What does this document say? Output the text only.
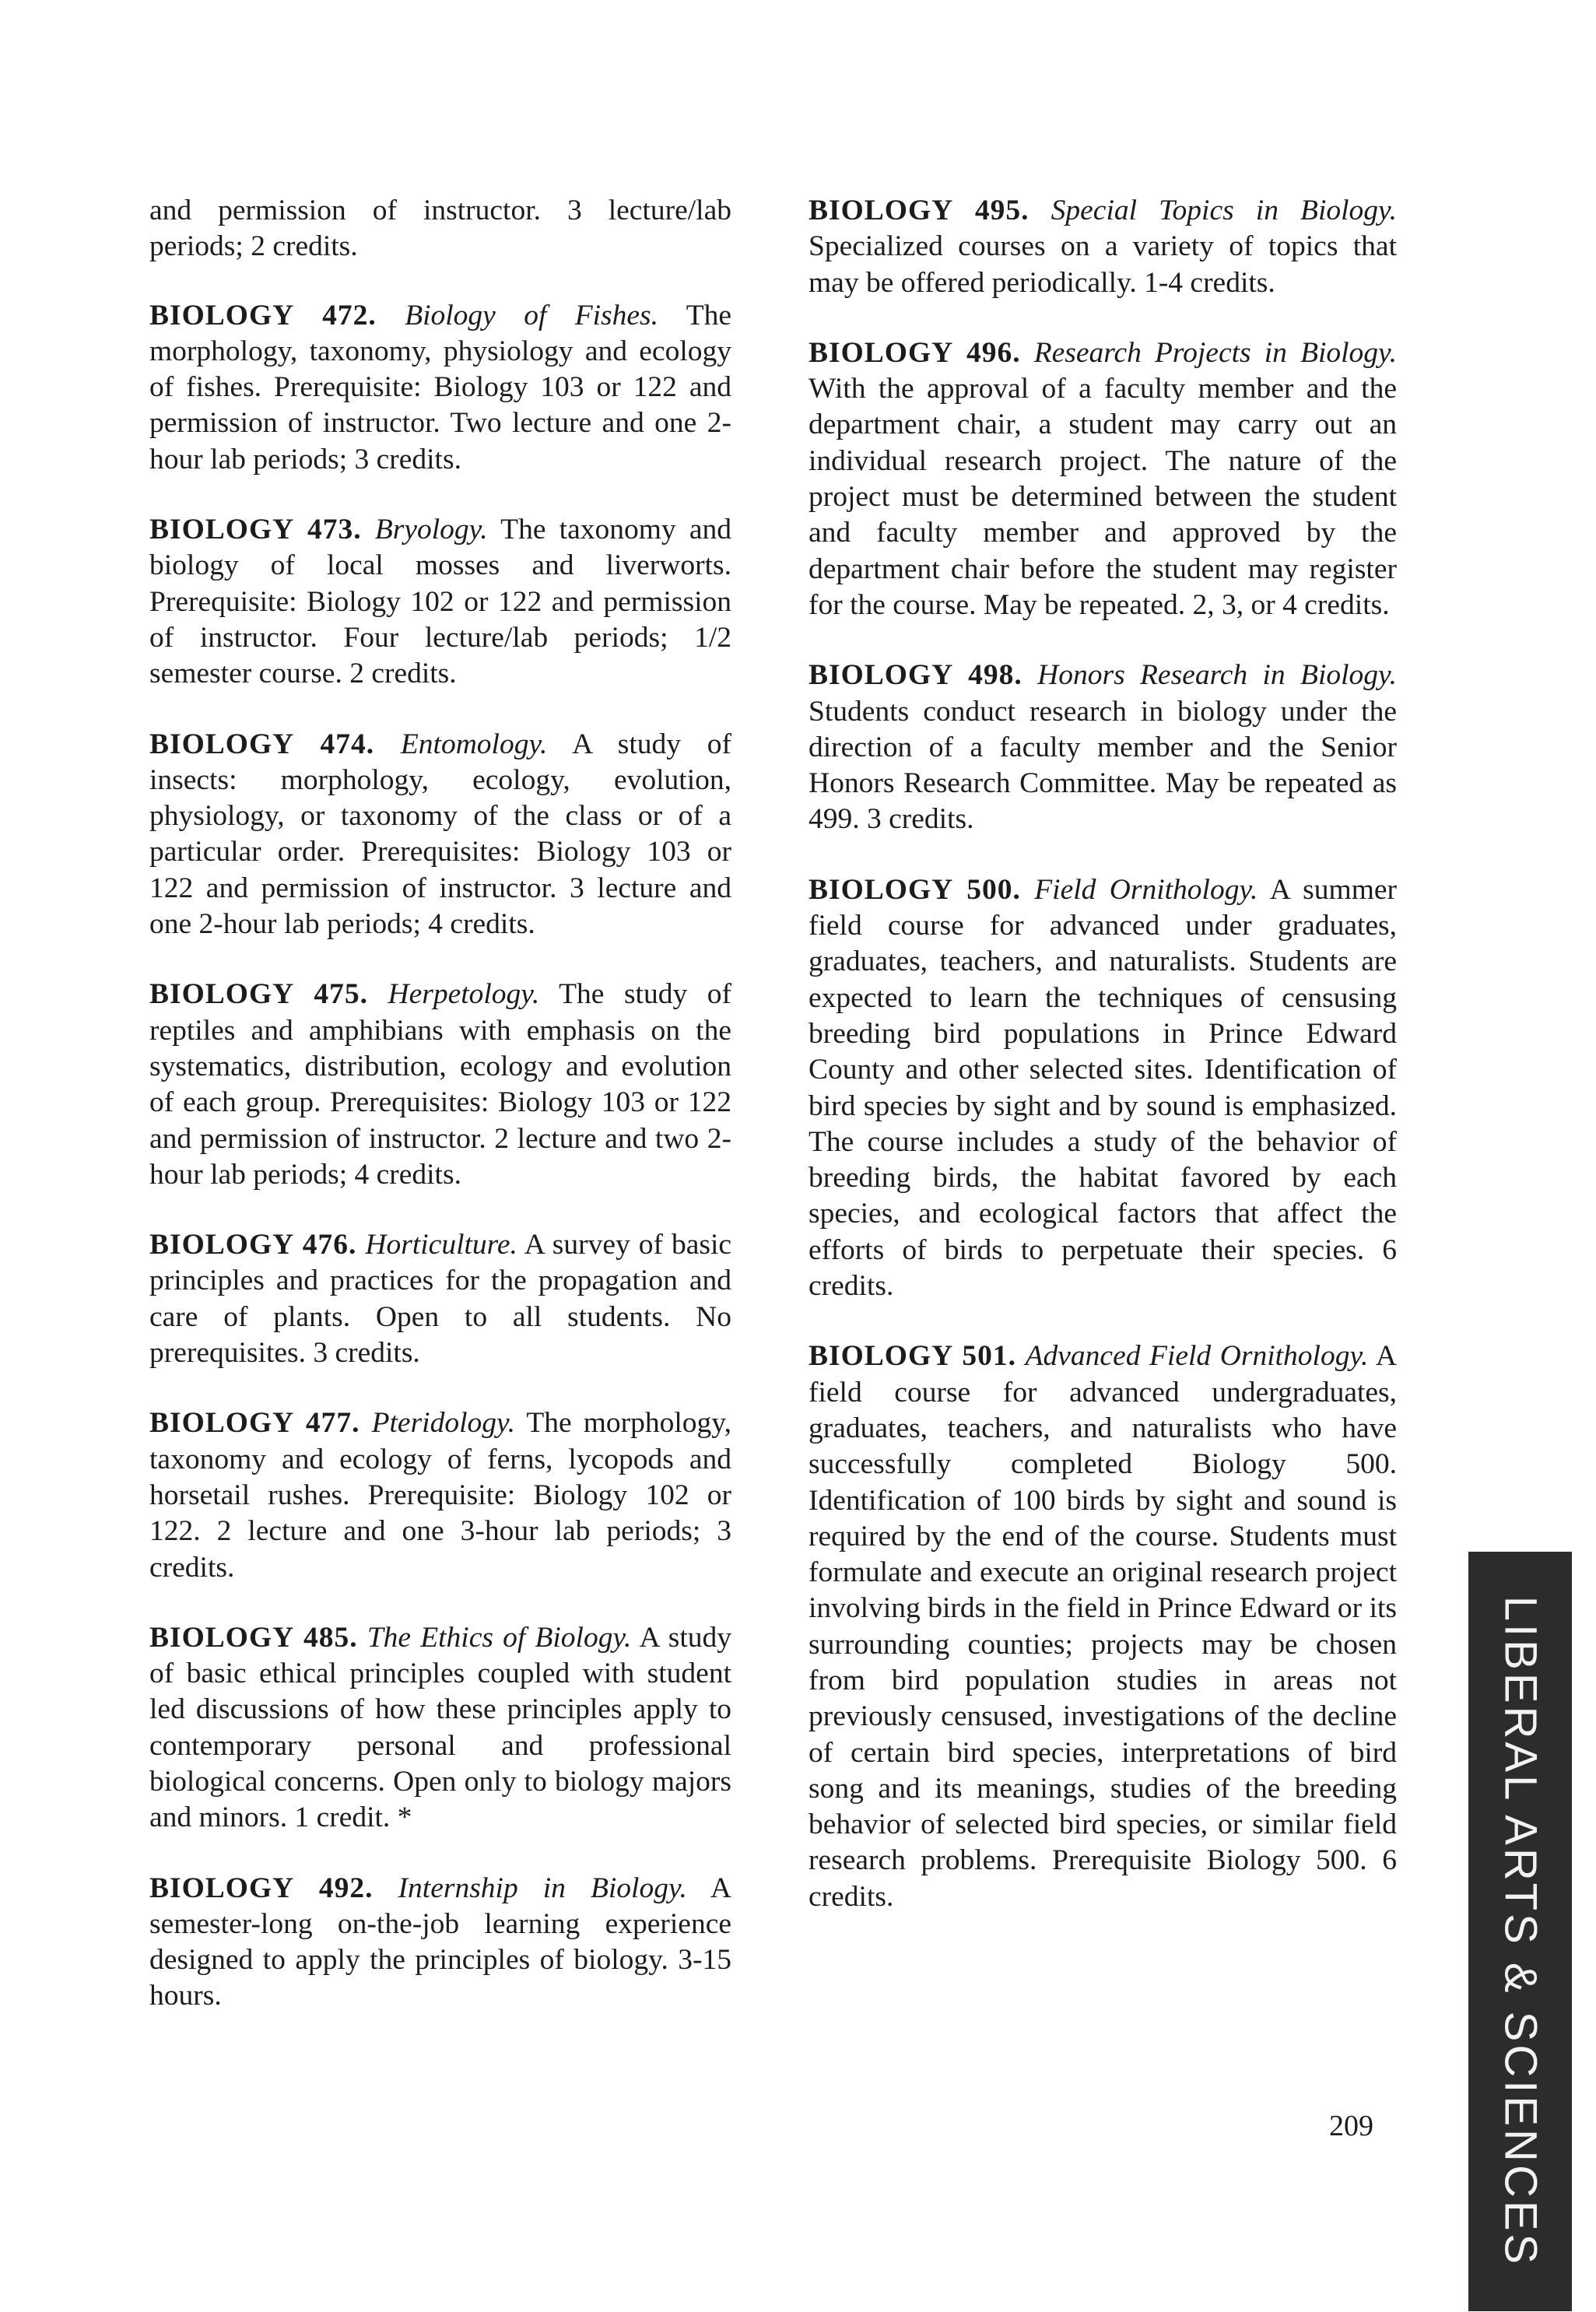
and permission of instructor. 3 lecture/lab periods; 2 credits.

BIOLOGY 472. Biology of Fishes. The morphology, taxonomy, physiology and ecology of fishes. Prerequisite: Biology 103 or 122 and permission of instructor. Two lecture and one 2-hour lab periods; 3 credits.

BIOLOGY 473. Bryology. The taxonomy and biology of local mosses and liverworts. Prerequisite: Biology 102 or 122 and permission of instructor. Four lecture/lab periods; 1/2 semester course. 2 credits.

BIOLOGY 474. Entomology. A study of insects: morphology, ecology, evolution, physiology, or taxonomy of the class or of a particular order. Prerequisites: Biology 103 or 122 and permission of instructor. 3 lecture and one 2-hour lab periods; 4 credits.

BIOLOGY 475. Herpetology. The study of reptiles and amphibians with emphasis on the systematics, distribution, ecology and evolution of each group. Prerequisites: Biology 103 or 122 and permission of instructor. 2 lecture and two 2-hour lab periods; 4 credits.

BIOLOGY 476. Horticulture. A survey of basic principles and practices for the propagation and care of plants. Open to all students. No prerequisites. 3 credits.

BIOLOGY 477. Pteridology. The morphology, taxonomy and ecology of ferns, lycopods and horsetail rushes. Prerequisite: Biology 102 or 122. 2 lecture and one 3-hour lab periods; 3 credits.

BIOLOGY 485. The Ethics of Biology. A study of basic ethical principles coupled with student led discussions of how these principles apply to contemporary personal and professional biological concerns. Open only to biology majors and minors. 1 credit. *

BIOLOGY 492. Internship in Biology. A semester-long on-the-job learning experience designed to apply the principles of biology. 3-15 hours.

BIOLOGY 495. Special Topics in Biology. Specialized courses on a variety of topics that may be offered periodically. 1-4 credits.

BIOLOGY 496. Research Projects in Biology. With the approval of a faculty member and the department chair, a student may carry out an individual research project. The nature of the project must be determined between the student and faculty member and approved by the department chair before the student may register for the course. May be repeated. 2, 3, or 4 credits.

BIOLOGY 498. Honors Research in Biology. Students conduct research in biology under the direction of a faculty member and the Senior Honors Research Committee. May be repeated as 499. 3 credits.

BIOLOGY 500. Field Ornithology. A summer field course for advanced under graduates, graduates, teachers, and naturalists. Students are expected to learn the techniques of censusing breeding bird populations in Prince Edward County and other selected sites. Identification of bird species by sight and by sound is emphasized. The course includes a study of the behavior of breeding birds, the habitat favored by each species, and ecological factors that affect the efforts of birds to perpetuate their species. 6 credits.

BIOLOGY 501. Advanced Field Ornithology. A field course for advanced undergraduates, graduates, teachers, and naturalists who have successfully completed Biology 500. Identification of 100 birds by sight and sound is required by the end of the course. Students must formulate and execute an original research project involving birds in the field in Prince Edward or its surrounding counties; projects may be chosen from bird population studies in areas not previously censused, investigations of the decline of certain bird species, interpretations of bird song and its meanings, studies of the breeding behavior of selected bird species, or similar field research problems. Prerequisite Biology 500. 6 credits.

209	LIBERAL ARTS & SCIENCES
